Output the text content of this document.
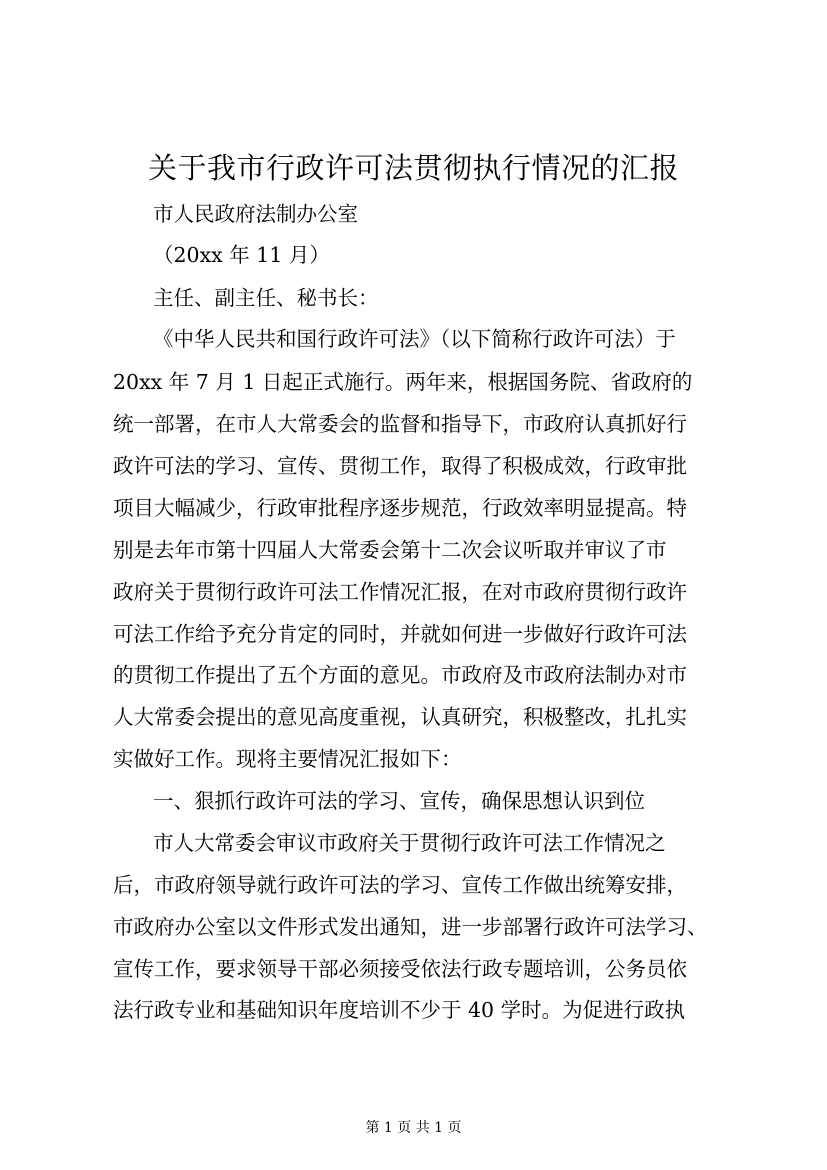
关于我市行政许可法贯彻执行情况的汇报
市人民政府法制办公室
（20xx 年 11 月）
主任、副主任、秘书长：
《中华人民共和国行政许可法》（以下简称行政许可法）于
20xx 年 7 月 1 日起正式施行。两年来，根据国务院、省政府的
统一部署，在市人大常委会的监督和指导下，市政府认真抓好行
政许可法的学习、宣传、贯彻工作，取得了积极成效，行政审批
项目大幅减少，行政审批程序逐步规范，行政效率明显提高。特
别是去年市第十四届人大常委会第十二次会议听取并审议了市
政府关于贯彻行政许可法工作情况汇报，在对市政府贯彻行政许
可法工作给予充分肯定的同时，并就如何进一步做好行政许可法
的贯彻工作提出了五个方面的意见。市政府及市政府法制办对市
人大常委会提出的意见高度重视，认真研究，积极整改，扎扎实
实做好工作。现将主要情况汇报如下：
一、狠抓行政许可法的学习、宣传，确保思想认识到位
市人大常委会审议市政府关于贯彻行政许可法工作情况之
后，市政府领导就行政许可法的学习、宣传工作做出统筹安排，
市政府办公室以文件形式发出通知，进一步部署行政许可法学习、
宣传工作，要求领导干部必须接受依法行政专题培训，公务员依
法行政专业和基础知识年度培训不少于 40 学时。为促进行政执
第 1 页 共 1 页
